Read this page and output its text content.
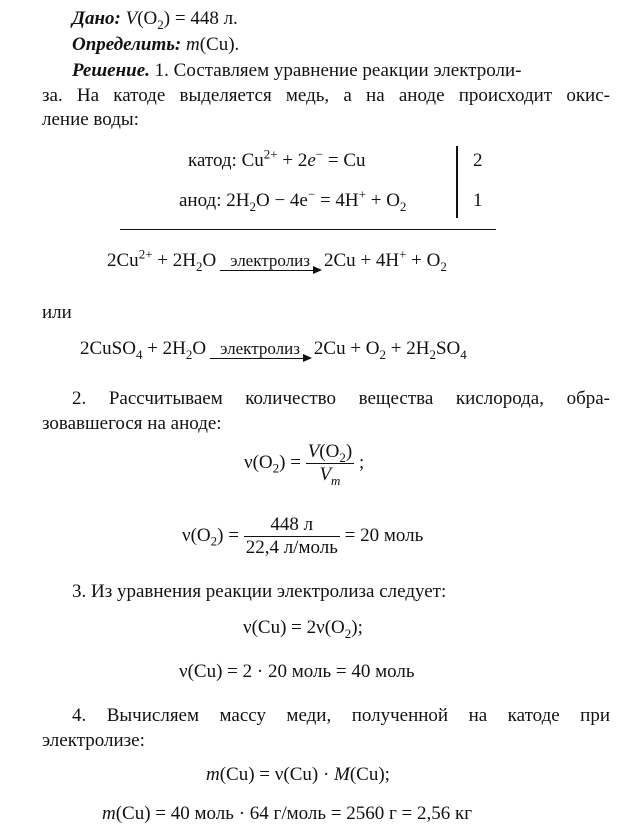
Дано: $V(O_2) = 448$ л.
Определить: m(Cu).
Решение. 1. Составляем уравнение реакции электроли-
за. На катоде выделяется медь, а на аноде происходит окис-
ление воды:
катод: $Cu^{2+} + 2e^- = Cu$	2
анод: $2H_2O - 4e^- = 4H^+ + O_2$	1
$2Cu^{2+} + 2H_2O$ электролиз $2Cu + 4H^+ + O_2$
или
2CuSO$_4$ + $2H_2O$ электролиз $2Cu + O_2 + 2H_2SO_4$
2. Рассчитываем количество вещества кислорода, обра-
зовавшегося на аноде:
$\nu(O_2) = \frac{V(O_2)}{V_m}$ ;
$\nu(O_2) = \frac{448 л}{\text{22,4 л/моль}} = 20$ моль
3. Из уравнения реакции электролиза следует:
$\nu(Cu) = 2\nu(O_2)$;
ν(Cu) = 2 · 20 моль = 40 моль
4. Вычисляем массу меди, полученной на катоде при
электролизе:
m(Cu) = ν(Cu) · M(Cu);
m(Cu) = 40 моль · 64 г/моль = 2560 г = 2,56 кг
